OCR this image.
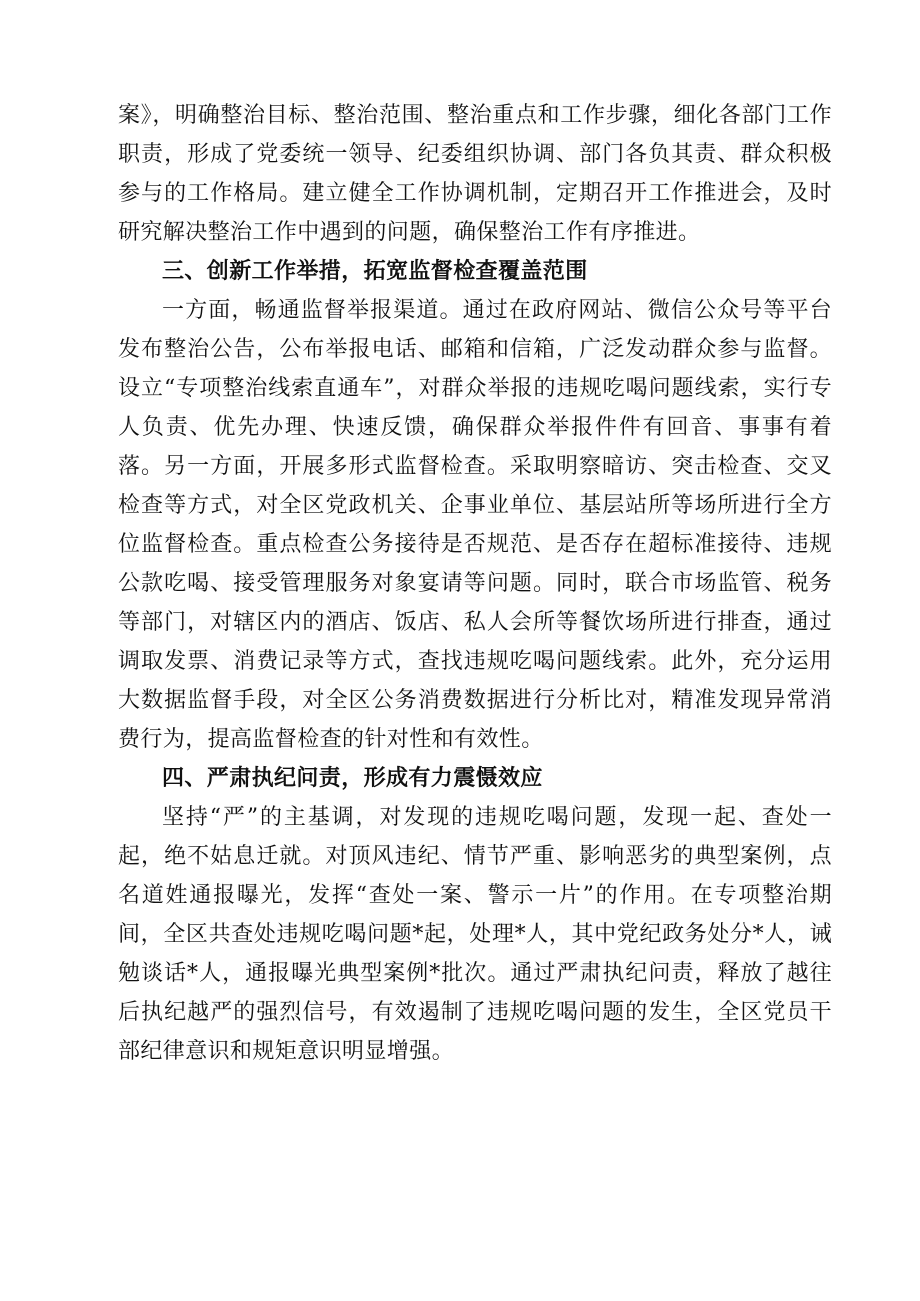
案》，明确整治目标、整治范围、整治重点和工作步骤，细化各部门工作职责，形成了党委统一领导、纪委组织协调、部门各负其责、群众积极参与的工作格局。建立健全工作协调机制，定期召开工作推进会，及时研究解决整治工作中遇到的问题，确保整治工作有序推进。

三、创新工作举措，拓宽监督检查覆盖范围

一方面，畅通监督举报渠道。通过在政府网站、微信公众号等平台发布整治公告，公布举报电话、邮箱和信箱，广泛发动群众参与监督。设立“专项整治线索直通车”，对群众举报的违规吃喝问题线索，实行专人负责、优先办理、快速反馈，确保群众举报件件有回音、事事有着落。另一方面，开展多形式监督检查。采取明察暗访、突击检查、交叉检查等方式，对全区党政机关、企事业单位、基层站所等场所进行全方位监督检查。重点检查公务接待是否规范、是否存在超标准接待、违规公款吃喝、接受管理服务对象宴请等问题。同时，联合市场监管、税务等部门，对辖区内的酒店、饭店、私人会所等餐饮场所进行排查，通过调取发票、消费记录等方式，查找违规吃喝问题线索。此外，充分运用大数据监督手段，对全区公务消费数据进行分析比对，精准发现异常消费行为，提高监督检查的针对性和有效性。

四、严肃执纪问责，形成有力震慑效应

坚持“严”的主基调，对发现的违规吃喝问题，发现一起、查处一起，绝不姑息迁就。对顶风违纪、情节严重、影响恶劣的典型案例，点名道姓通报曝光，发挥“查处一案、警示一片”的作用。在专项整治期间，全区共查处违规吃喝问题*起，处理*人，其中党纪政务处分*人，诫勉谈话*人，通报曝光典型案例*批次。通过严肃执纪问责，释放了越往后执纪越严的强烈信号，有效遏制了违规吃喝问题的发生，全区党员干部纪律意识和规矩意识明显增强。
